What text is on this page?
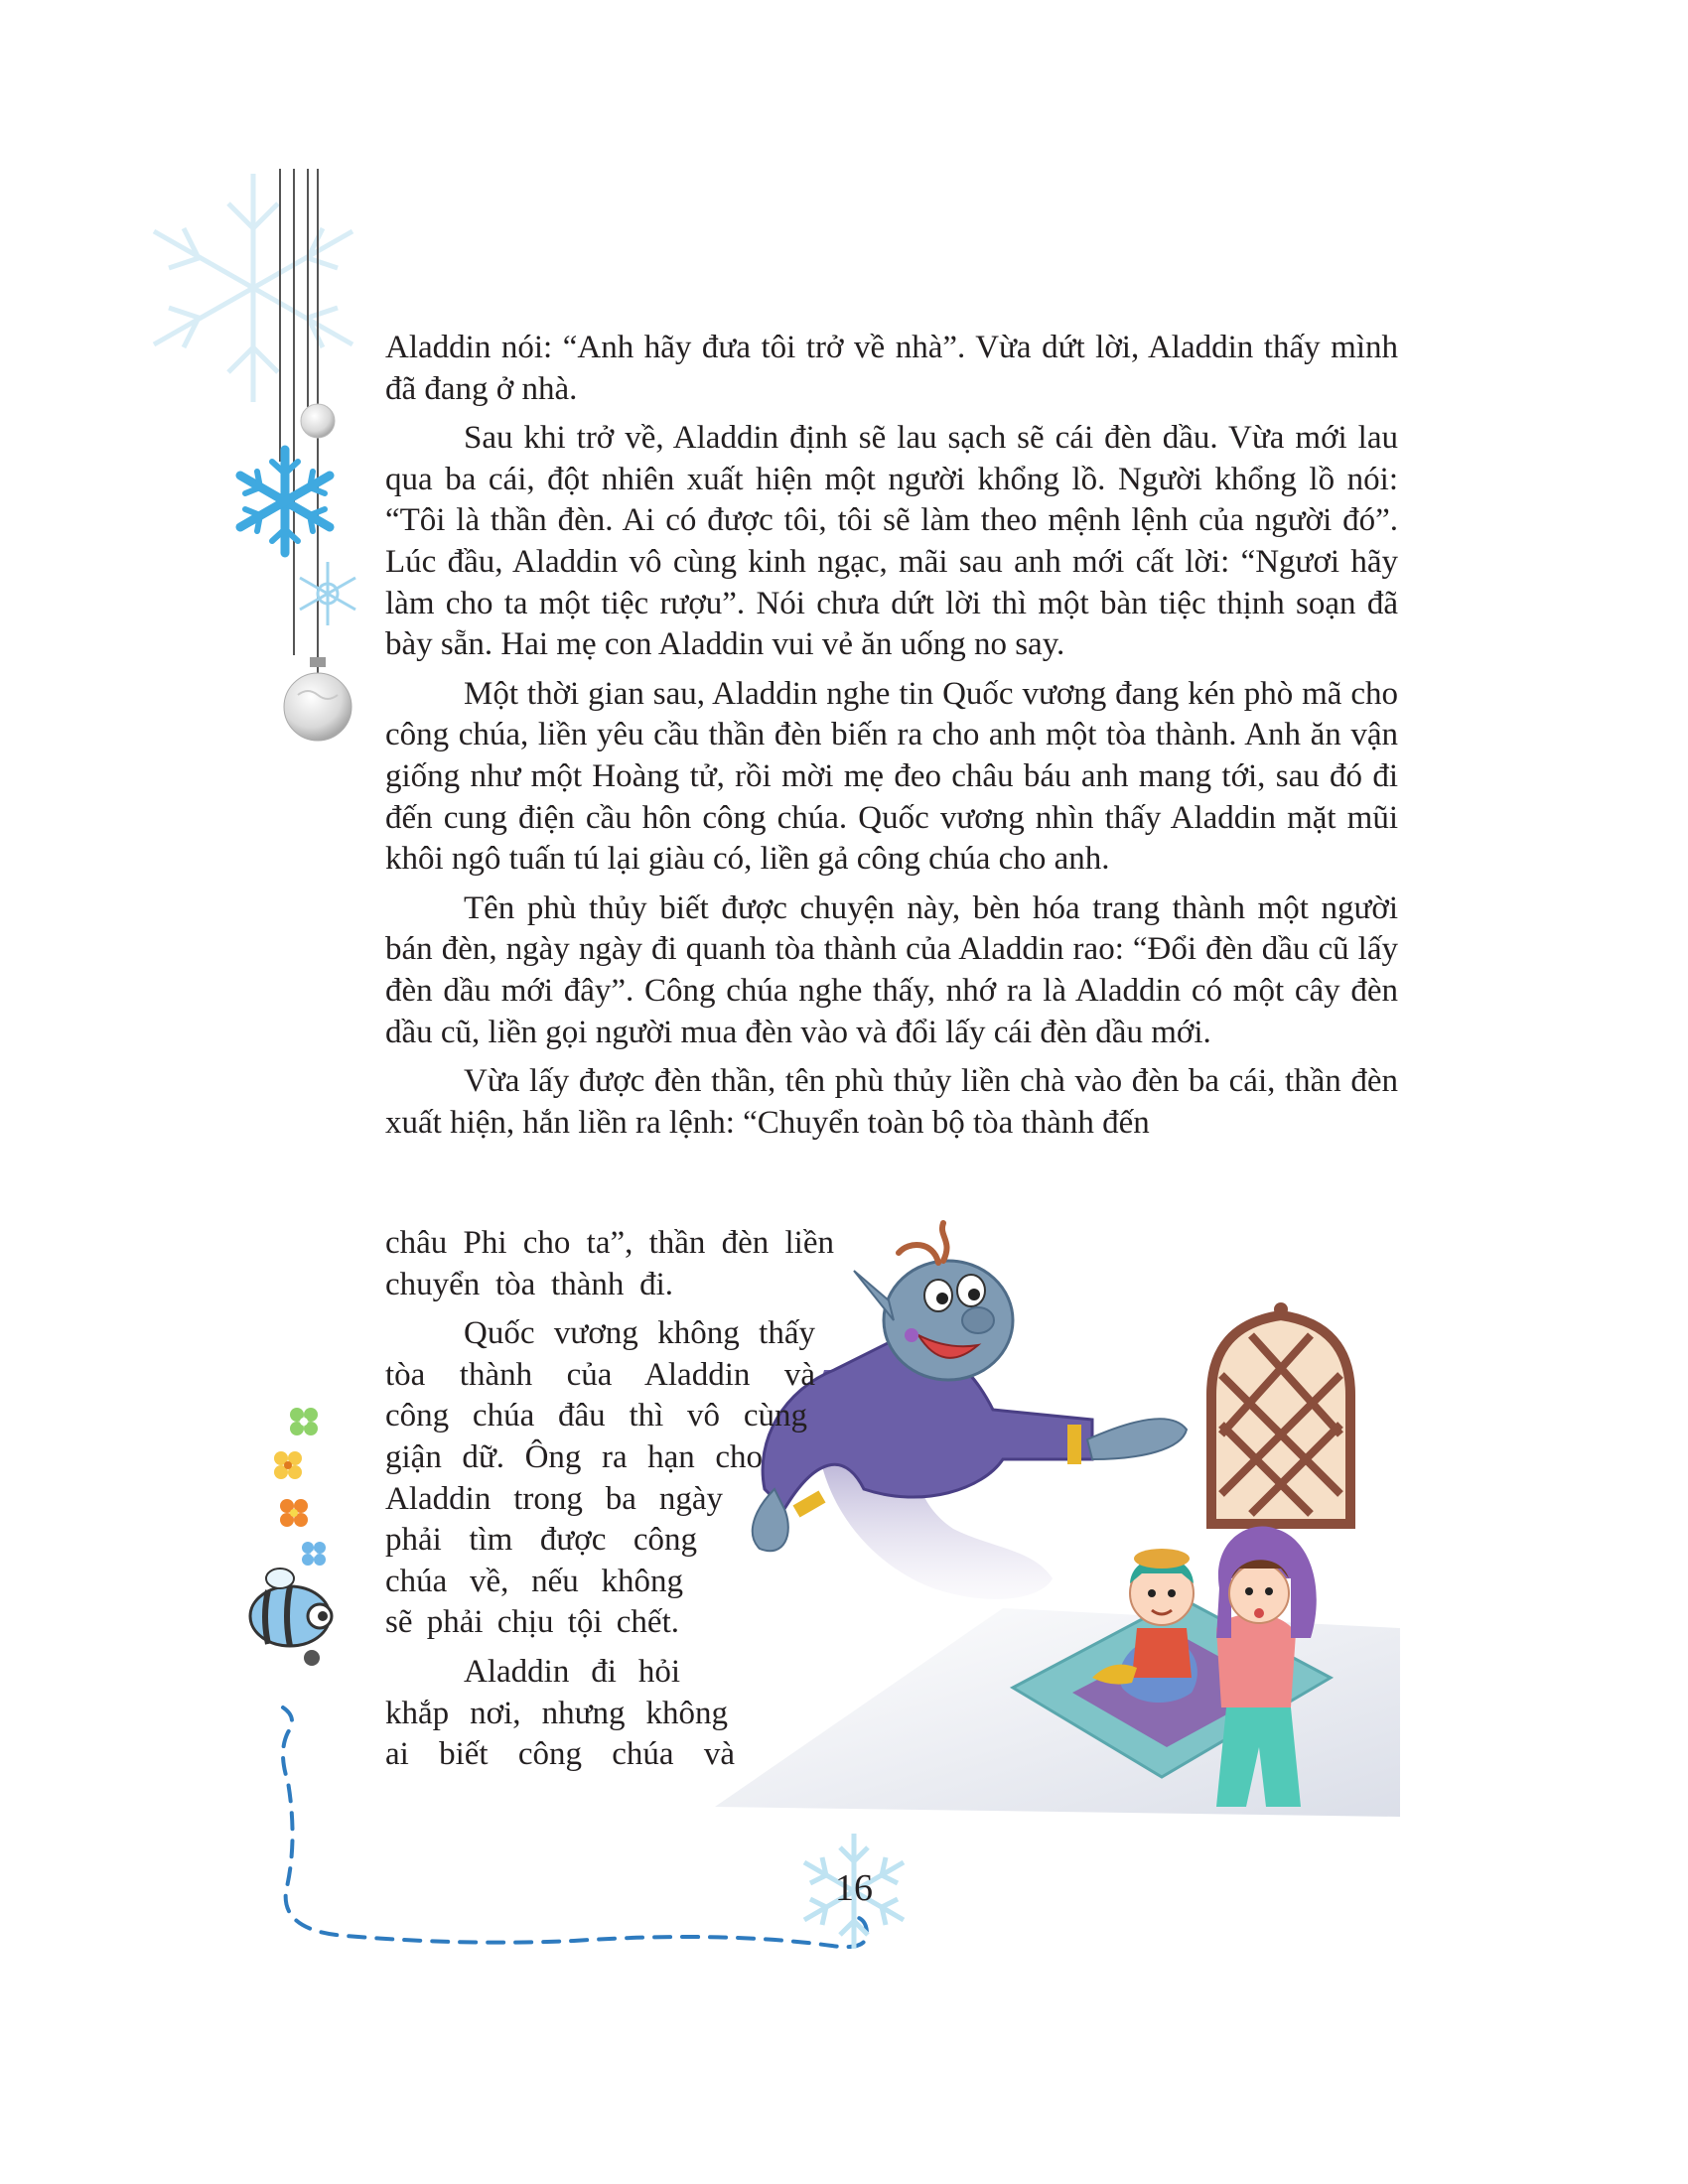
Aladdin nói: “Anh hãy đưa tôi trở về nhà”. Vừa dứt lời, Aladdin thấy mình đã đang ở nhà.

Sau khi trở về, Aladdin định sẽ lau sạch sẽ cái đèn dầu. Vừa mới lau qua ba cái, đột nhiên xuất hiện một người khổng lồ. Người khổng lồ nói: “Tôi là thần đèn. Ai có được tôi, tôi sẽ làm theo mệnh lệnh của người đó”. Lúc đầu, Aladdin vô cùng kinh ngạc, mãi sau anh mới cất lời: “Ngươi hãy làm cho ta một tiệc rượu”. Nói chưa dứt lời thì một bàn tiệc thịnh soạn đã bày sẵn. Hai mẹ con Aladdin vui vẻ ăn uống no say.

Một thời gian sau, Aladdin nghe tin Quốc vương đang kén phò mã cho công chúa, liền yêu cầu thần đèn biến ra cho anh một tòa thành. Anh ăn vận giống như một Hoàng tử, rồi mời mẹ đeo châu báu anh mang tới, sau đó đi đến cung điện cầu hôn công chúa. Quốc vương nhìn thấy Aladdin mặt mũi khôi ngô tuấn tú lại giàu có, liền gả công chúa cho anh.

Tên phù thủy biết được chuyện này, bèn hóa trang thành một người bán đèn, ngày ngày đi quanh tòa thành của Aladdin rao: “Đổi đèn dầu cũ lấy đèn dầu mới đây”. Công chúa nghe thấy, nhớ ra là Aladdin có một cây đèn dầu cũ, liền gọi người mua đèn vào và đổi lấy cái đèn dầu mới.

Vừa lấy được đèn thần, tên phù thủy liền chà vào đèn ba cái, thần đèn xuất hiện, hắn liền ra lệnh: “Chuyển toàn bộ tòa thành đến

châu Phi cho ta”, thần đèn liền
chuyển tòa thành đi.
Quốc vương không thấy
tòa thành của Aladdin và
công chúa đâu thì vô cùng
giận dữ. Ông ra hạn cho
Aladdin trong ba ngày
phải tìm được công
chúa về, nếu không
sẽ phải chịu tội chết.
Aladdin đi hỏi
khắp nơi, nhưng không
ai biết công chúa và
16
